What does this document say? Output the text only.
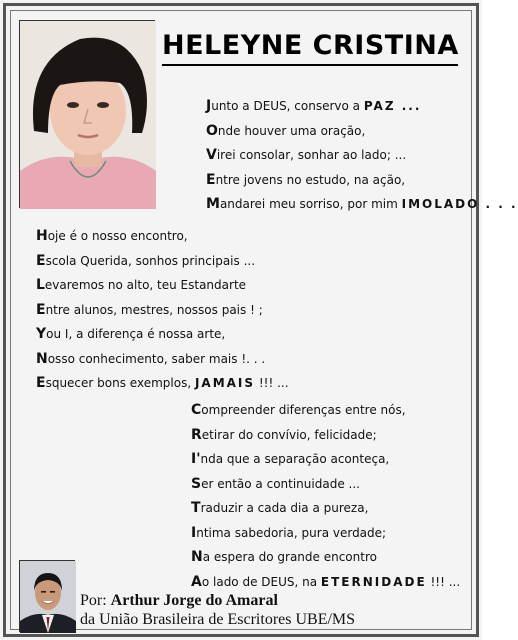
HELEYNE CRISTINA
Junto a DEUS, conservo a PAZ ...
Onde houver uma oração,
Virei consolar, sonhar ao lado; ...
Entre jovens no estudo, na ação,
Mandarei meu sorriso, por mim IMOLADO . . .
Hoje é o nosso encontro,
Escola Querida, sonhos principais ...
Levaremos no alto, teu Estandarte
Entre alunos, mestres, nossos pais ! ;
You I, a diferença é nossa arte,
Nosso conhecimento, saber mais !. . .
Esquecer bons exemplos, JAMAIS !!! ...
Compreender diferenças entre nós,
Retirar do convívio, felicidade;
I'nda que a separação aconteça,
Ser então a continuidade ...
Traduzir a cada dia a pureza,
Intima sabedoria, pura verdade;
Na espera do grande encontro
Ao lado de DEUS, na ETERNIDADE !!! ...
Por: Arthur Jorge do Amaral
da União Brasileira de Escritores UBE/MS
